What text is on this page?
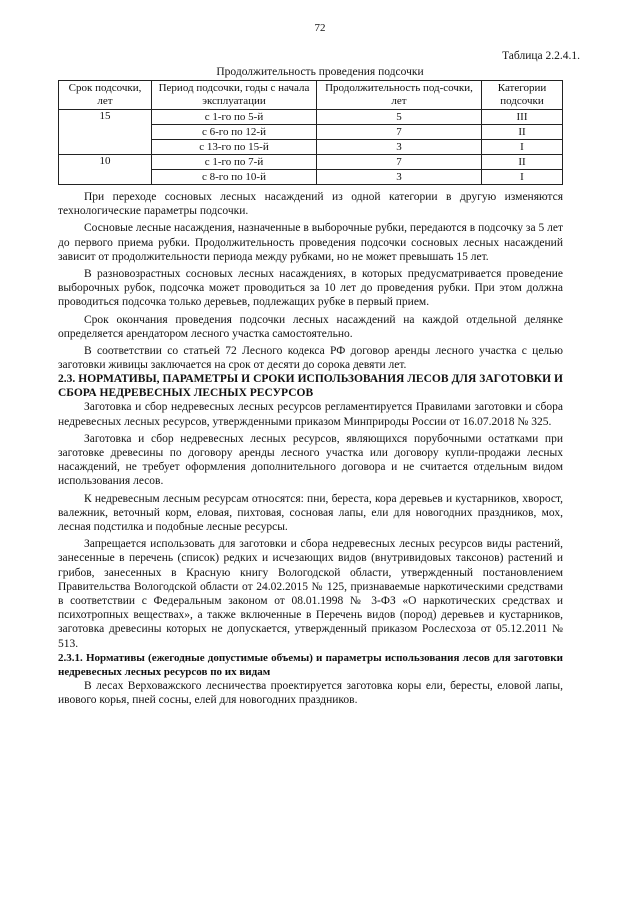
72
Таблица 2.2.4.1.
Продолжительность проведения подсочки
Срок подсочки, лет	Период подсочки, годы с начала эксплуатации	Продолжительность под-сочки, лет	Категории подсочки
15	с 1-го по 5-й	5	III
	с 6-го по 12-й	7	II
	с 13-го по 15-й	3	I
10	с 1-го по 7-й	7	II
	с 8-го по 10-й	3	I

При переходе сосновых лесных насаждений из одной категории в другую изменяются технологические параметры подсочки.

Сосновые лесные насаждения, назначенные в выборочные рубки, передаются в подсочку за 5 лет до первого приема рубки. Продолжительность проведения подсочки сосновых лесных насаждений зависит от продолжительности периода между рубками, но не может превышать 15 лет.

В разновозрастных сосновых лесных насаждениях, в которых предусматривается проведение выборочных рубок, подсочка может проводиться за 10 лет до проведения рубки. При этом должна проводиться подсочка только деревьев, подлежащих рубке в первый прием.

Срок окончания проведения подсочки лесных насаждений на каждой отдельной делянке определяется арендатором лесного участка самостоятельно.

В соответствии со статьей 72 Лесного кодекса РФ договор аренды лесного участка с целью заготовки живицы заключается на срок от десяти до сорока девяти лет.

2.3. НОРМАТИВЫ, ПАРАМЕТРЫ И СРОКИ ИСПОЛЬЗОВАНИЯ ЛЕСОВ ДЛЯ ЗАГОТОВКИ И СБОРА НЕДРЕВЕСНЫХ ЛЕСНЫХ РЕСУРСОВ

Заготовка и сбор недревесных лесных ресурсов регламентируется Правилами заготовки и сбора недревесных лесных ресурсов, утвержденными приказом Минприроды России от 16.07.2018 № 325.

Заготовка и сбор недревесных лесных ресурсов, являющихся порубочными остатками при заготовке древесины по договору аренды лесного участка или договору купли-продажи лесных насаждений, не требует оформления дополнительного договора и не считается отдельным видом использования лесов.

К недревесным лесным ресурсам относятся: пни, береста, кора деревьев и кустарников, хворост, валежник, веточный корм, еловая, пихтовая, сосновая лапы, ели для новогодних праздников, мох, лесная подстилка и подобные лесные ресурсы.

Запрещается использовать для заготовки и сбора недревесных лесных ресурсов виды растений, занесенные в перечень (список) редких и исчезающих видов (внутривидовых таксонов) растений и грибов, занесенных в Красную книгу Вологодской области, утвержденный постановлением Правительства Вологодской области от 24.02.2015 № 125, признаваемые наркотическими средствами в соответствии с Федеральным законом от 08.01.1998 № 3-ФЗ «О наркотических средствах и психотропных веществах», а также включенные в Перечень видов (пород) деревьев и кустарников, заготовка древесины которых не допускается, утвержденный приказом Рослесхоза от 05.12.2011 № 513.

2.3.1. Нормативы (ежегодные допустимые объемы) и параметры использования лесов для заготовки недревесных лесных ресурсов по их видам

В лесах Верховажского лесничества проектируется заготовка коры ели, бересты, еловой лапы, ивового корья, пней сосны, елей для новогодних праздников.
